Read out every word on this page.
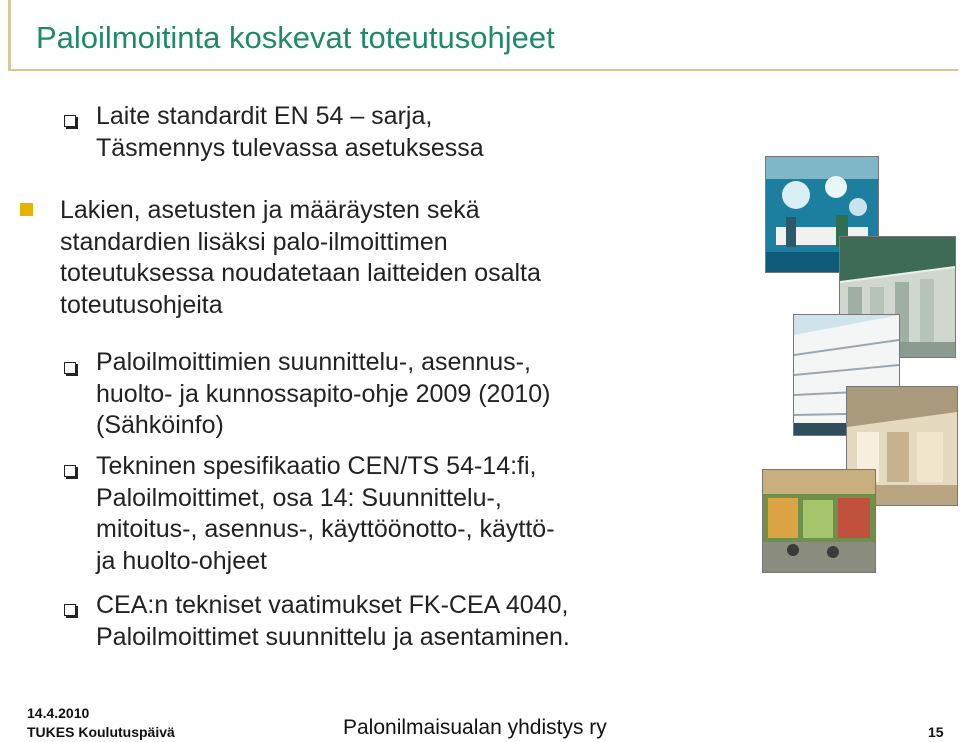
Paloilmoitinta koskevat toteutusohjeet
Laite standardit EN 54 – sarja,
Täsmennys tulevassa asetuksessa
Lakien, asetusten ja määräysten sekä
standardien lisäksi palo-ilmoittimen
toteutuksessa noudatetaan laitteiden osalta
toteutusohjeita
Paloilmoittimien suunnittelu-, asennus-,
huolto- ja kunnossapito-ohje 2009 (2010)
(Sähköinfo)
Tekninen spesifikaatio CEN/TS 54-14:fi,
Paloilmoittimet, osa 14: Suunnittelu-,
mitoitus-, asennus-, käyttöönotto-, käyttö-
ja huolto-ohjeet
CEA:n tekniset vaatimukset FK-CEA 4040,
Paloilmoittimet suunnittelu ja asentaminen.
14.4.2010
TUKES Koulutuspäivä	Palonilmaisualan yhdistys ry	15
